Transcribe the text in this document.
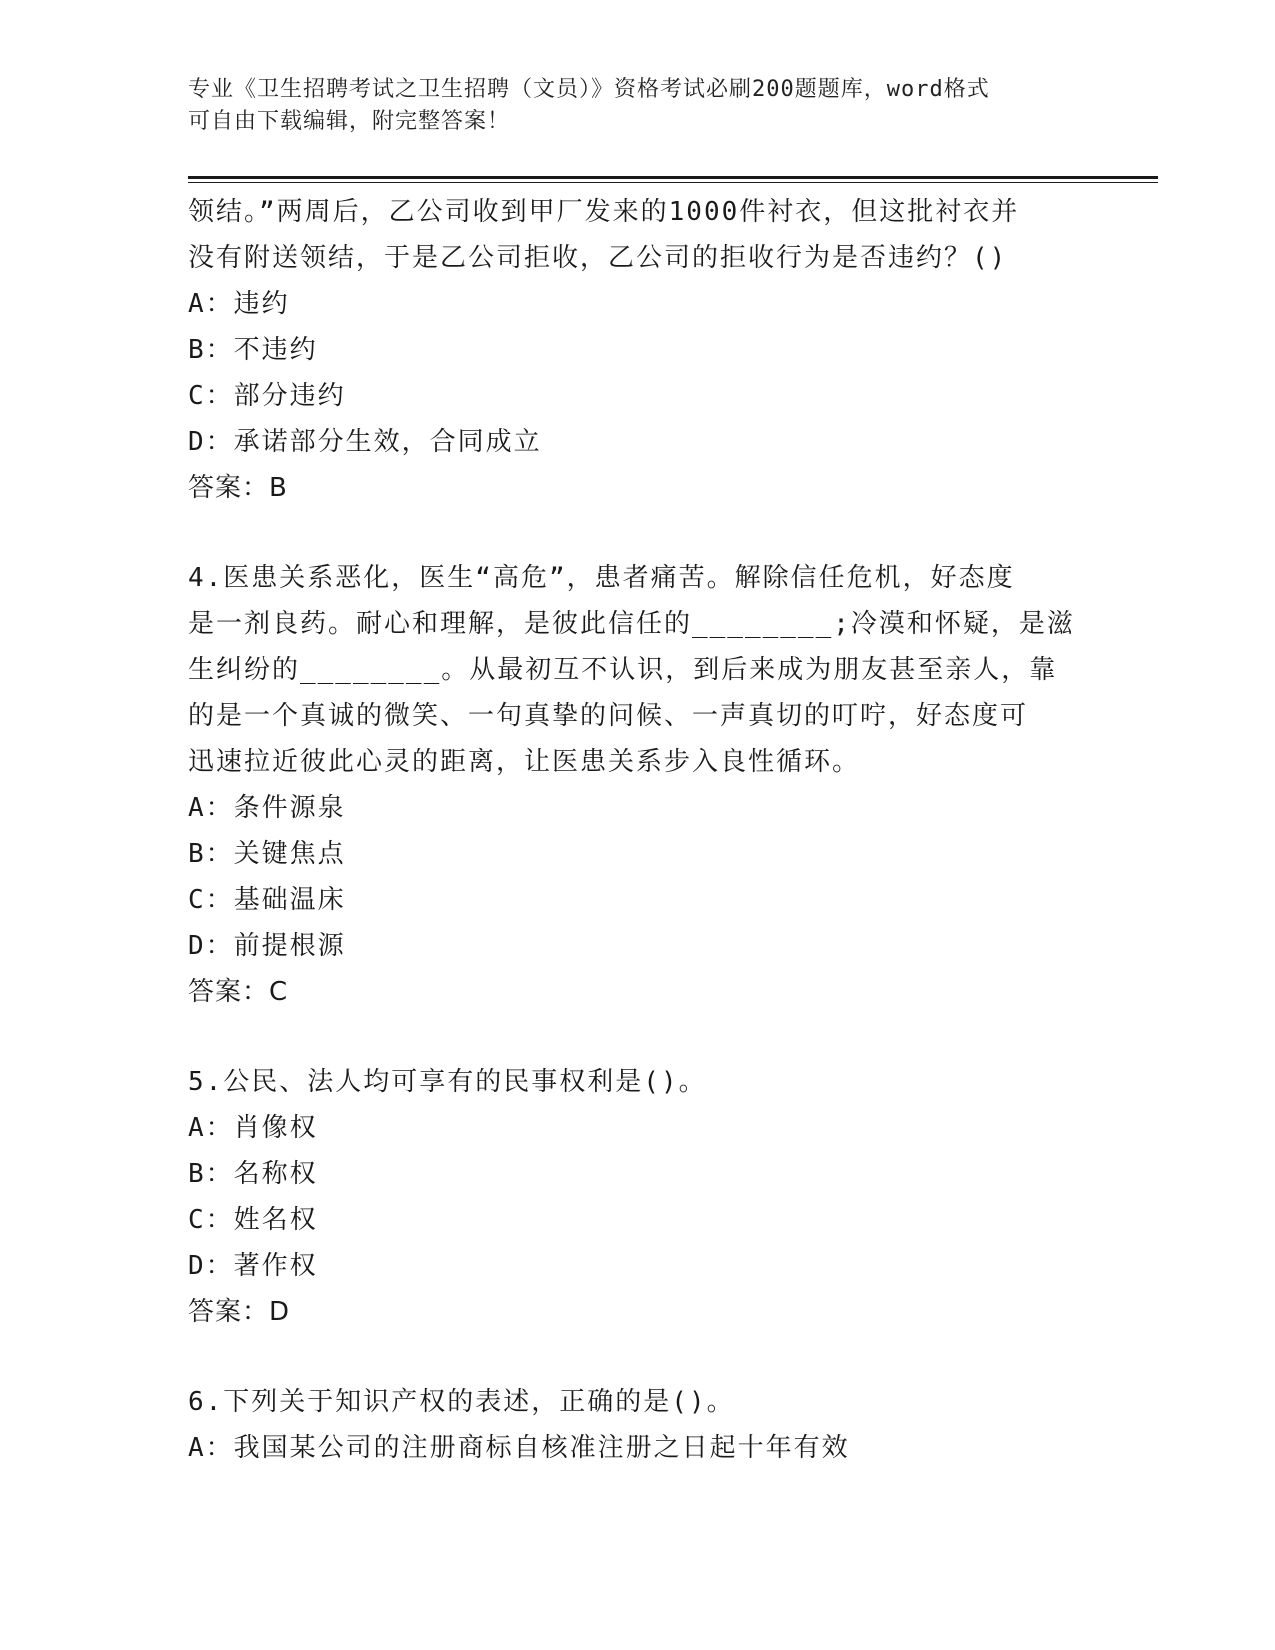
专业《卫生招聘考试之卫生招聘（文员）》资格考试必刷200题题库，word格式
可自由下载编辑，附完整答案！
领结。”两周后，乙公司收到甲厂发来的1000件衬衣，但这批衬衣并
没有附送领结，于是乙公司拒收，乙公司的拒收行为是否违约？()
A：违约
B：不违约
C：部分违约
D：承诺部分生效，合同成立
答案：B
4.医患关系恶化，医生“高危”，患者痛苦。解除信任危机，好态度
是一剂良药。耐心和理解，是彼此信任的________;冷漠和怀疑，是滋
生纠纷的________。从最初互不认识，到后来成为朋友甚至亲人，靠
的是一个真诚的微笑、一句真挚的问候、一声真切的叮咛，好态度可
迅速拉近彼此心灵的距离，让医患关系步入良性循环。
A：条件源泉
B：关键焦点
C：基础温床
D：前提根源
答案：C
5.公民、法人均可享有的民事权利是()。
A：肖像权
B：名称权
C：姓名权
D：著作权
答案：D
6.下列关于知识产权的表述，正确的是()。
A：我国某公司的注册商标自核准注册之日起十年有效
